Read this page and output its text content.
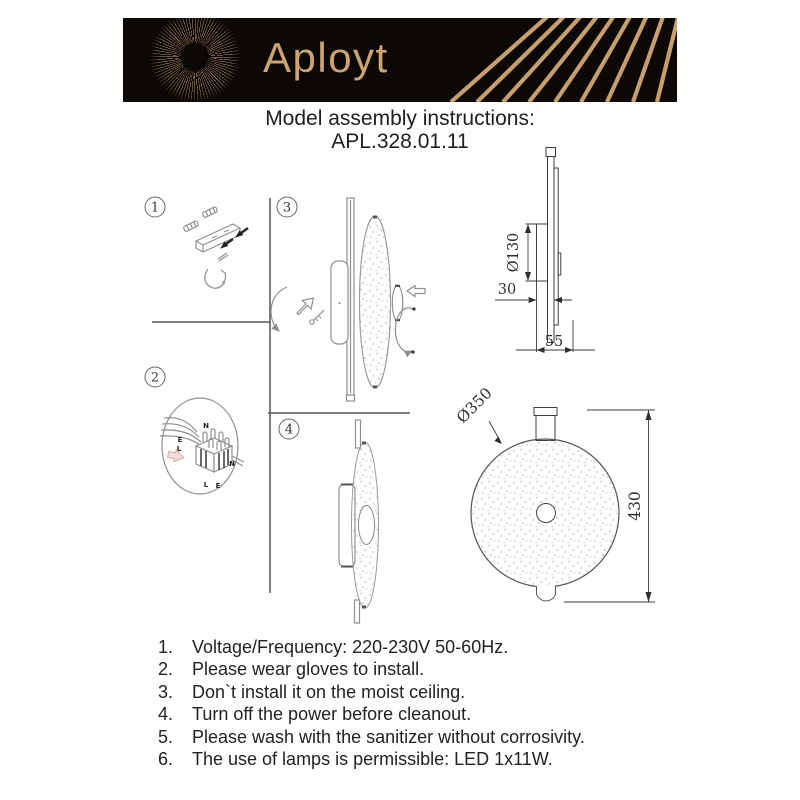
Aployt
Model assembly instructions:
APL.328.01.11
1
2
3
4
N
E
L
N
L E
Ø130
30
55
Ø350
430
1.	Voltage/Frequency: 220-230V 50-60Hz.
2.	Please wear gloves to install.
3.	Don`t install it on the moist ceiling.
4.	Turn off the power before cleanout.
5.	Please wash with the sanitizer without corrosivity.
6.	The use of lamps is permissible: LED 1x11W.
